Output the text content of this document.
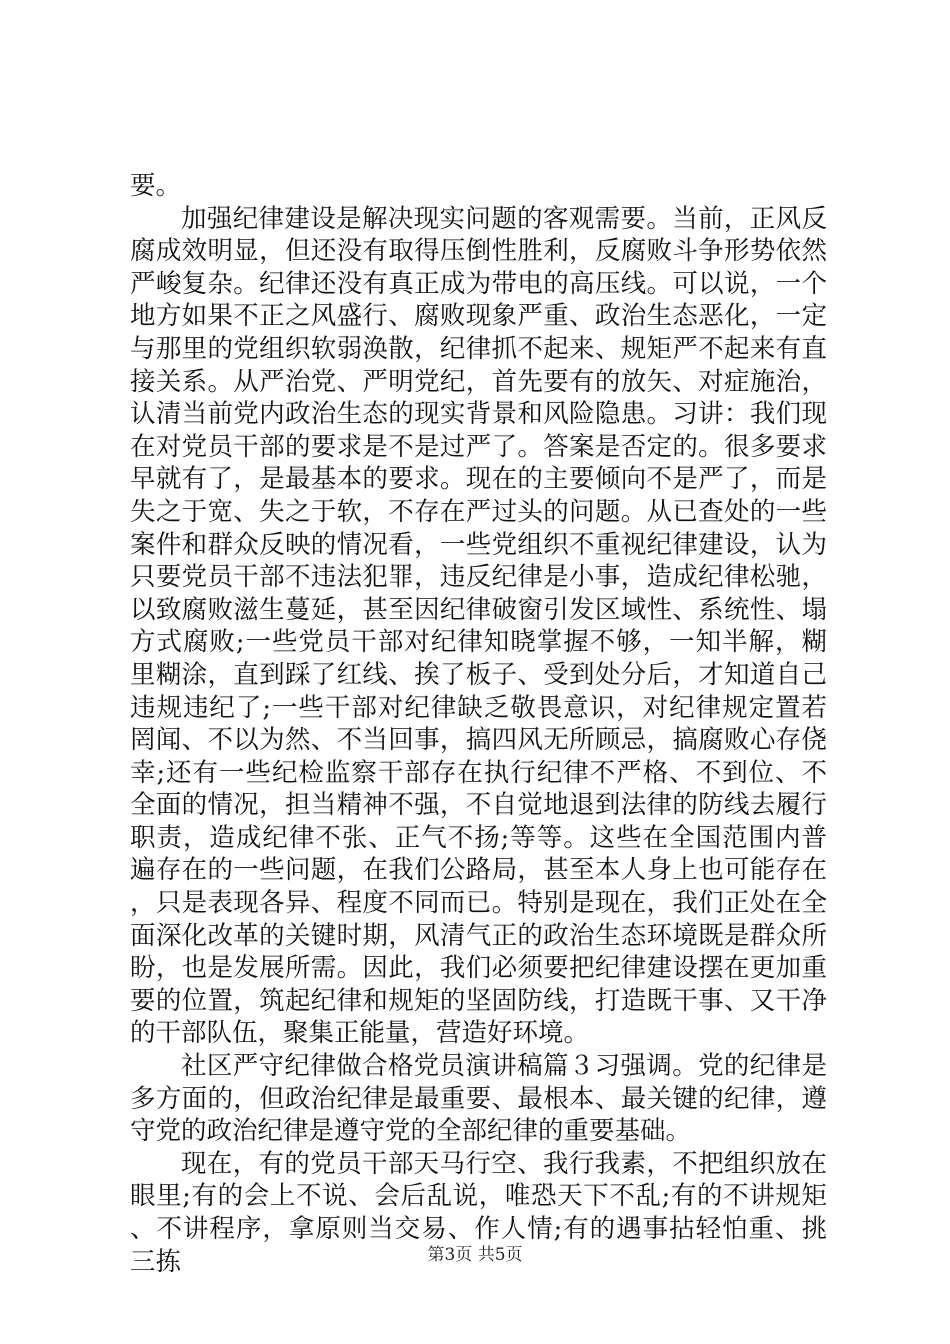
要。

加强纪律建设是解决现实问题的客观需要。当前，正风反腐成效明显，但还没有取得压倒性胜利，反腐败斗争形势依然严峻复杂。纪律还没有真正成为带电的高压线。可以说，一个地方如果不正之风盛行、腐败现象严重、政治生态恶化，一定与那里的党组织软弱涣散，纪律抓不起来、规矩严不起来有直接关系。从严治党、严明党纪，首先要有的放矢、对症施治，认清当前党内政治生态的现实背景和风险隐患。习讲：我们现在对党员干部的要求是不是过严了。答案是否定的。很多要求早就有了，是最基本的要求。现在的主要倾向不是严了，而是失之于宽、失之于软，不存在严过头的问题。从已查处的一些案件和群众反映的情况看，一些党组织不重视纪律建设，认为只要党员干部不违法犯罪，违反纪律是小事，造成纪律松驰，以致腐败滋生蔓延，甚至因纪律破窗引发区域性、系统性、塌方式腐败;一些党员干部对纪律知晓掌握不够，一知半解，糊里糊涂，直到踩了红线、挨了板子、受到处分后，才知道自己违规违纪了;一些干部对纪律缺乏敬畏意识，对纪律规定置若罔闻、不以为然、不当回事，搞四风无所顾忌，搞腐败心存侥幸;还有一些纪检监察干部存在执行纪律不严格、不到位、不全面的情况，担当精神不强，不自觉地退到法律的防线去履行职责，造成纪律不张、正气不扬;等等。这些在全国范围内普遍存在的一些问题，在我们公路局，甚至本人身上也可能存在，只是表现各异、程度不同而已。特别是现在，我们正处在全面深化改革的关键时期，风清气正的政治生态环境既是群众所盼，也是发展所需。因此，我们必须要把纪律建设摆在更加重要的位置，筑起纪律和规矩的坚固防线，打造既干事、又干净的干部队伍，聚集正能量，营造好环境。

社区严守纪律做合格党员演讲稿篇３习强调。党的纪律是多方面的，但政治纪律是最重要、最根本、最关键的纪律，遵守党的政治纪律是遵守党的全部纪律的重要基础。

现在，有的党员干部天马行空、我行我素，不把组织放在眼里;有的会上不说、会后乱说，唯恐天下不乱;有的不讲规矩、不讲程序，拿原则当交易、作人情;有的遇事拈轻怕重、挑三拣	第3页 共5页
